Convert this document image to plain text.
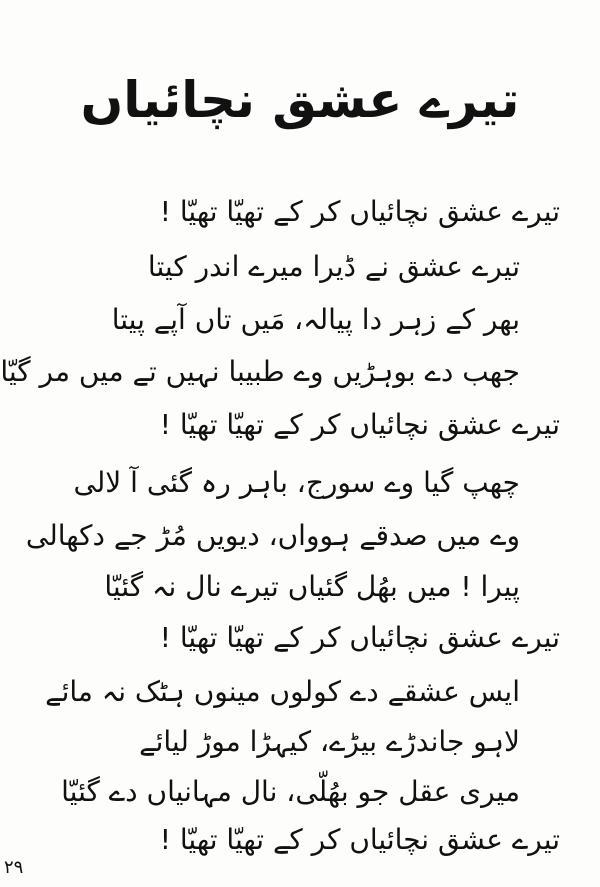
تیرے عشق نچائیاں
تیرے عشق نچائیاں کر کے تھیّا تھیّا !
تیرے عشق نے ڈیرا میرے اندر کیتا
بھر کے زہر دا پیالہ، مَیں تاں آپے پیتا
جھب دے بوہڑیں وے طبیبا نہیں تے میں مر گیّا
تیرے عشق نچائیاں کر کے تھیّا تھیّا !
چھپ گیا وے سورج، باہر رہ گئی آ لالی
وے میں صدقے ہوواں، دیویں مُڑ جے دکھالی
پیرا ! میں بھُل گئیاں تیرے نال نہ گئیّا
تیرے عشق نچائیاں کر کے تھیّا تھیّا !
ایس عشقے دے کولوں مینوں ہٹک نہ مائے
لاہو جاندڑے بیڑے، کیہڑا موڑ لیائے
میری عقل جو بھُلّی، نال مہانیاں دے گئیّا
تیرے عشق نچائیاں کر کے تھیّا تھیّا !
۲۹
